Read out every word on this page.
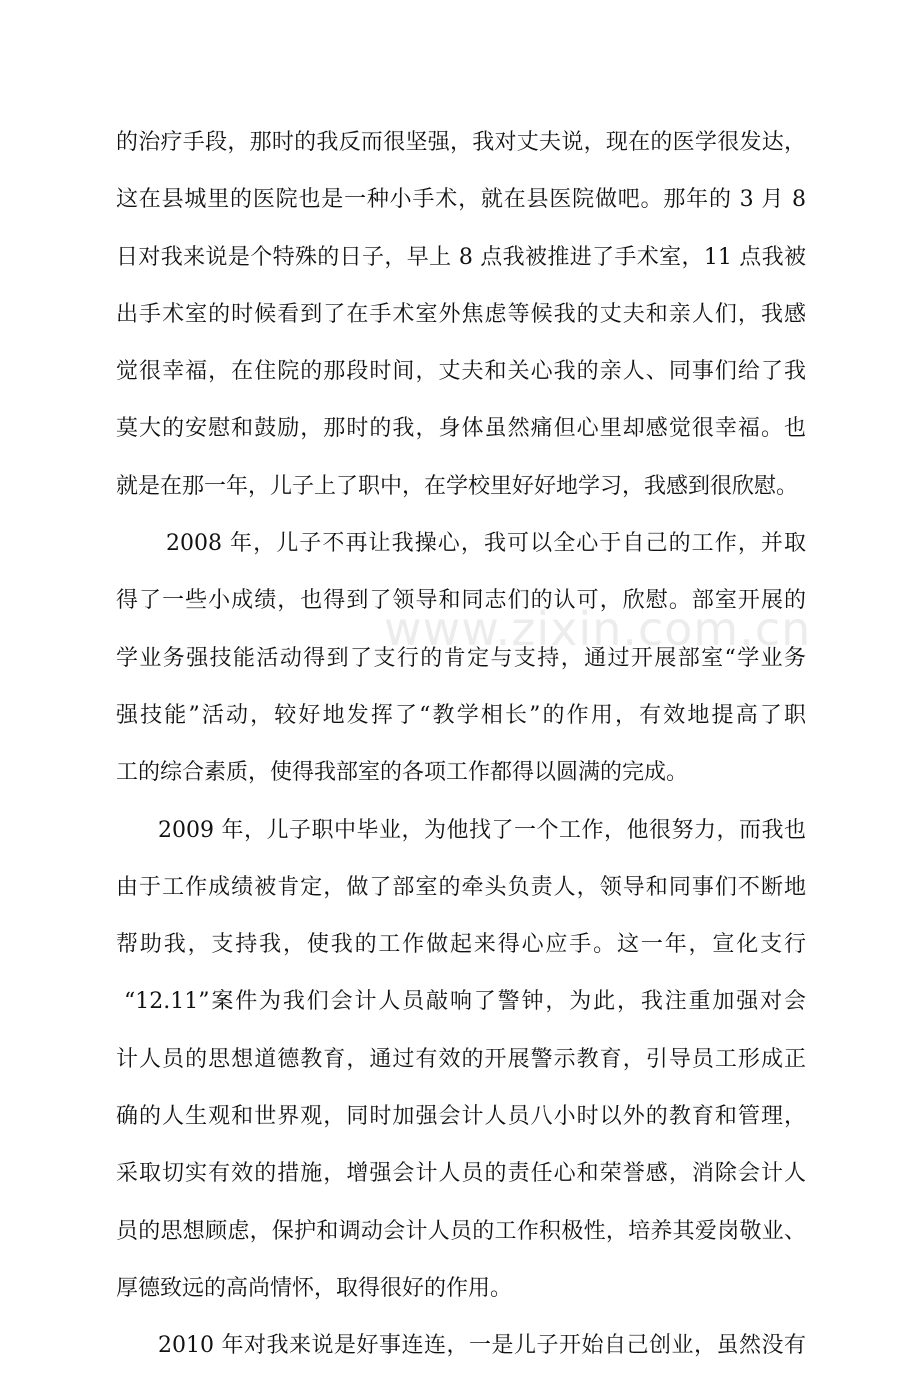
www.zixin.com.cn
的治疗手段，那时的我反而很坚强，我对丈夫说，现在的医学很发达，
这在县城里的医院也是一种小手术，就在县医院做吧。那年的 3 月 8
日对我来说是个特殊的日子，早上 8 点我被推进了手术室，11 点我被
出手术室的时候看到了在手术室外焦虑等候我的丈夫和亲人们，我感
觉很幸福，在住院的那段时间，丈夫和关心我的亲人、同事们给了我
莫大的安慰和鼓励，那时的我，身体虽然痛但心里却感觉很幸福。也
就是在那一年，儿子上了职中，在学校里好好地学习，我感到很欣慰。
2008 年，儿子不再让我操心，我可以全心于自己的工作，并取
得了一些小成绩，也得到了领导和同志们的认可，欣慰。部室开展的
学业务强技能活动得到了支行的肯定与支持，通过开展部室“学业务
强技能”活动，较好地发挥了“教学相长”的作用，有效地提高了职
工的综合素质，使得我部室的各项工作都得以圆满的完成。
2009 年，儿子职中毕业，为他找了一个工作，他很努力，而我也
由于工作成绩被肯定，做了部室的牵头负责人，领导和同事们不断地
帮助我，支持我，使我的工作做起来得心应手。这一年，宣化支行
“12.11”案件为我们会计人员敲响了警钟，为此，我注重加强对会
计人员的思想道德教育，通过有效的开展警示教育，引导员工形成正
确的人生观和世界观，同时加强会计人员八小时以外的教育和管理，
采取切实有效的措施，增强会计人员的责任心和荣誉感，消除会计人
员的思想顾虑，保护和调动会计人员的工作积极性，培养其爱岗敬业、
厚德致远的高尚情怀，取得很好的作用。
2010 年对我来说是好事连连，一是儿子开始自己创业，虽然没有
